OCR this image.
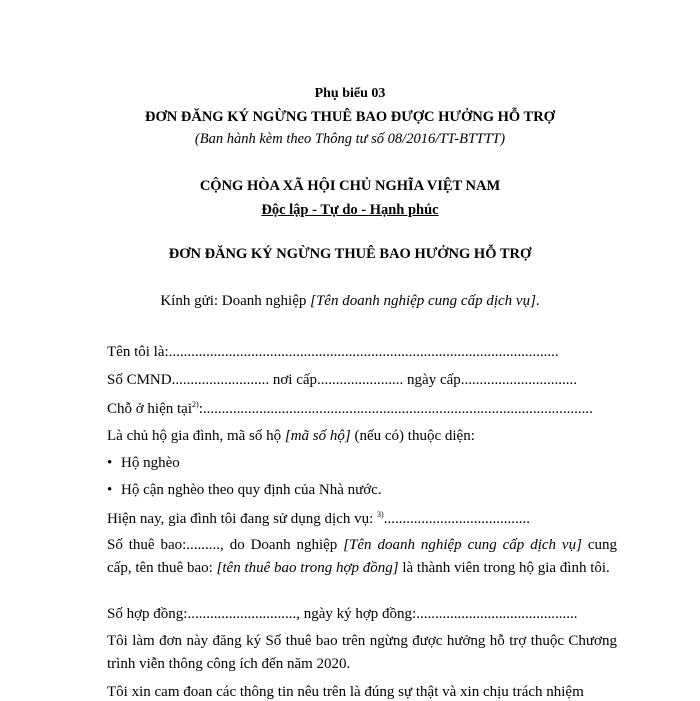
Phụ biểu 03
ĐƠN ĐĂNG KÝ NGỪNG THUÊ BAO ĐƯỢC HƯỞNG HỖ TRỢ
(Ban hành kèm theo Thông tư số 08/2016/TT-BTTTT)
CỘNG HÒA XÃ HỘI CHỦ NGHĨA VIỆT NAM
Độc lập - Tự do - Hạnh phúc
ĐƠN ĐĂNG KÝ NGỪNG THUÊ BAO HƯỞNG HỖ TRỢ
Kính gửi: Doanh nghiệp [Tên doanh nghiệp cung cấp dịch vụ].
Tên tôi là:........................................................................................................
Số CMND.......................... nơi cấp....................... ngày cấp...............................
Chỗ ở hiện tại$^{2)}$:........................................................................................................
Là chủ hộ gia đình, mã số hộ [mã số hộ] (nếu có) thuộc diện:
• Hộ nghèo
• Hộ cận nghèo theo quy định của Nhà nước.
Hiện nay, gia đình tôi đang sử dụng dịch vụ: $^{3)}$.......................................
Số thuê bao:........., do Doanh nghiệp [Tên doanh nghiệp cung cấp dịch vụ] cung cấp, tên thuê bao: [tên thuê bao trong hợp đồng] là thành viên trong hộ gia đình tôi.
Số hợp đồng:............................., ngày ký hợp đồng:...........................................
Tôi làm đơn này đăng ký Số thuê bao trên ngừng được hưởng hỗ trợ thuộc Chương trình viễn thông công ích đến năm 2020.
Tôi xin cam đoan các thông tin nêu trên là đúng sự thật và xin chịu trách nhiệm
